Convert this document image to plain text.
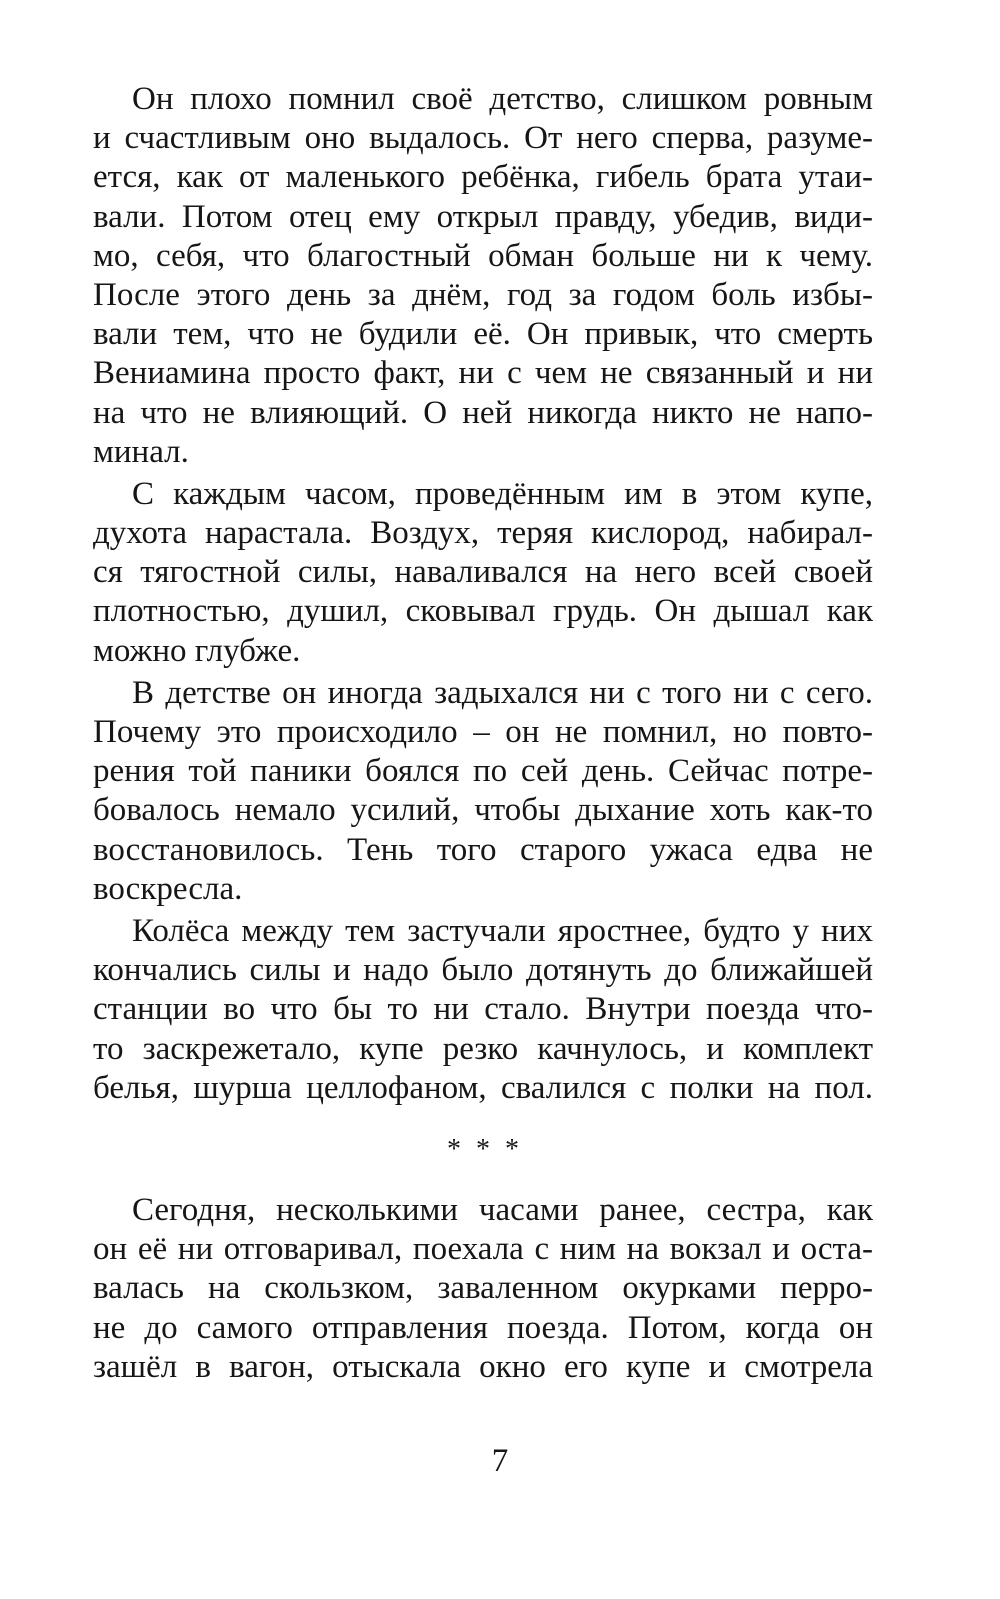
Он плохо помнил своё детство, слишком ровным
и счастливым оно выдалось. От него сперва, разуме-
ется, как от маленького ребёнка, гибель брата утаи-
вали. Потом отец ему открыл правду, убедив, види-
мо, себя, что благостный обман больше ни к чему.
После этого день за днём, год за годом боль избы-
вали тем, что не будили её. Он привык, что смерть
Вениамина просто факт, ни с чем не связанный и ни
на что не влияющий. О ней никогда никто не напо-
минал.
С каждым часом, проведённым им в этом купе,
духота нарастала. Воздух, теряя кислород, набирал-
ся тягостной силы, наваливался на него всей своей
плотностью, душил, сковывал грудь. Он дышал как
можно глубже.
В детстве он иногда задыхался ни с того ни с сего.
Почему это происходило – он не помнил, но повто-
рения той паники боялся по сей день. Сейчас потре-
бовалось немало усилий, чтобы дыхание хоть как-то
восстановилось. Тень того старого ужаса едва не
воскресла.
Колёса между тем застучали яростнее, будто у них
кончались силы и надо было дотянуть до ближайшей
станции во что бы то ни стало. Внутри поезда что-
то заскрежетало, купе резко качнулось, и комплект
белья, шурша целлофаном, свалился с полки на пол.
* * *
Сегодня, несколькими часами ранее, сестра, как
он её ни отговаривал, поехала с ним на вокзал и оста-
валась на скользком, заваленном окурками перро-
не до самого отправления поезда. Потом, когда он
зашёл в вагон, отыскала окно его купе и смотрела
7
